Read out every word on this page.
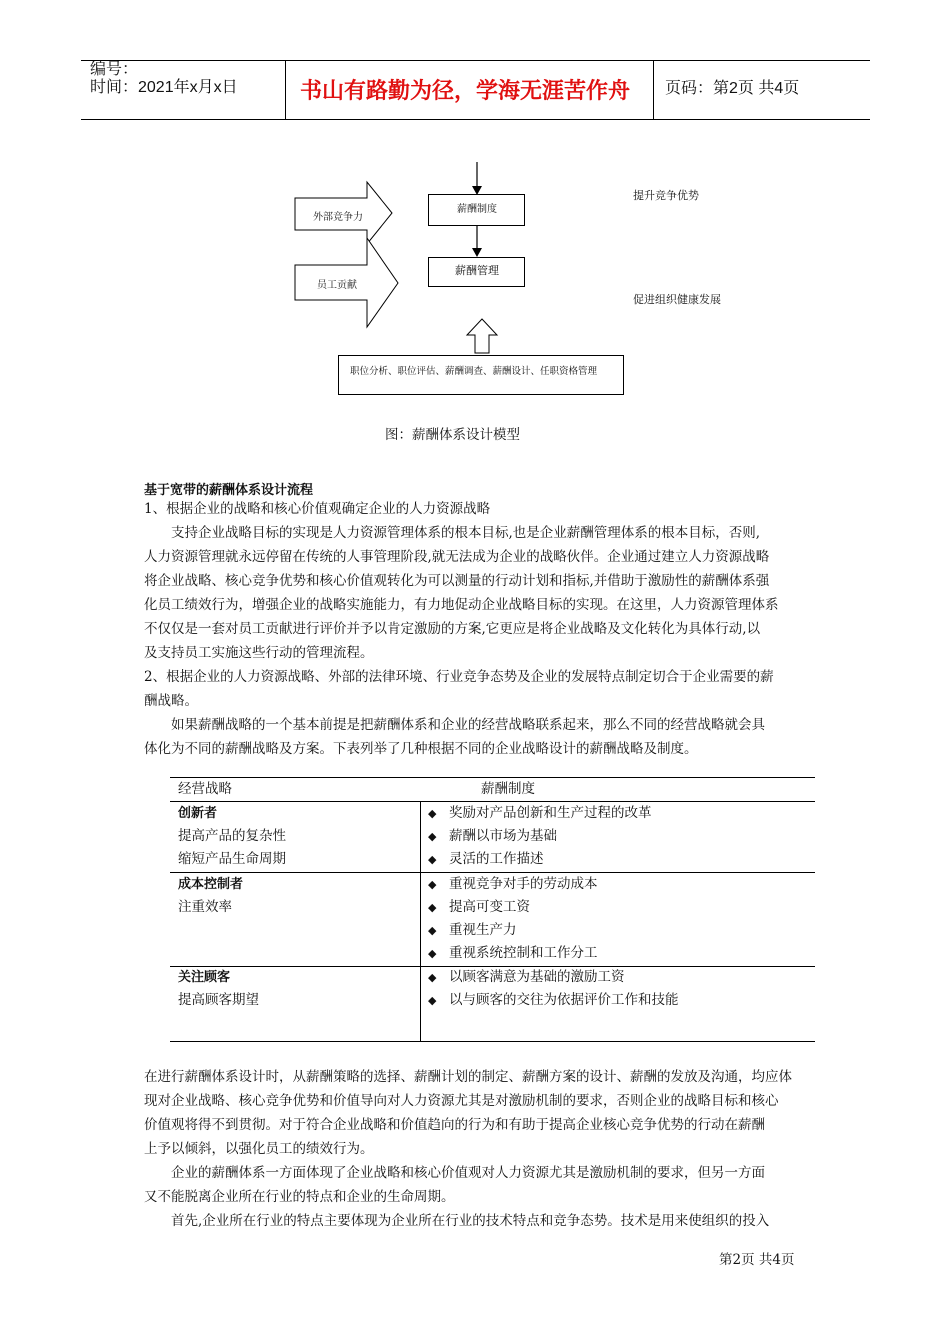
编号：
时间：2021年x月x日	书山有路勤为径，学海无涯苦作舟 页码：第2页 共4页
外部竞争力
员工贡献
薪酬制度
薪酬管理
职位分析、职位评估、薪酬调查、薪酬设计、任职资格管理
提升竞争优势
促进组织健康发展
图：薪酬体系设计模型
基于宽带的薪酬体系设计流程
1、根据企业的战略和核心价值观确定企业的人力资源战略
支持企业战略目标的实现是人力资源管理体系的根本目标,也是企业薪酬管理体系的根本目标，否则,
人力资源管理就永远停留在传统的人事管理阶段,就无法成为企业的战略伙伴。企业通过建立人力资源战略
将企业战略、核心竞争优势和核心价值观转化为可以测量的行动计划和指标,并借助于激励性的薪酬体系强
化员工绩效行为，增强企业的战略实施能力，有力地促动企业战略目标的实现。在这里，人力资源管理体系
不仅仅是一套对员工贡献进行评价并予以肯定激励的方案,它更应是将企业战略及文化转化为具体行动,以
及支持员工实施这些行动的管理流程。
2、根据企业的人力资源战略、外部的法律环境、行业竞争态势及企业的发展特点制定切合于企业需要的薪
酬战略。
如果薪酬战略的一个基本前提是把薪酬体系和企业的经营战略联系起来，那么不同的经营战略就会具
体化为不同的薪酬战略及方案。下表列举了几种根据不同的企业战略设计的薪酬战略及制度。
经营战略	薪酬制度
创新者
提高产品的复杂性
缩短产品生命周期
◆ 奖励对产品创新和生产过程的改革
◆ 薪酬以市场为基础
◆ 灵活的工作描述
成本控制者
注重效率
◆ 重视竞争对手的劳动成本
◆ 提高可变工资
◆ 重视生产力
◆ 重视系统控制和工作分工
关注顾客
提高顾客期望
◆ 以顾客满意为基础的激励工资
◆ 以与顾客的交往为依据评价工作和技能
在进行薪酬体系设计时，从薪酬策略的选择、薪酬计划的制定、薪酬方案的设计、薪酬的发放及沟通，均应体
现对企业战略、核心竞争优势和价值导向对人力资源尤其是对激励机制的要求，否则企业的战略目标和核心
价值观将得不到贯彻。对于符合企业战略和价值趋向的行为和有助于提高企业核心竞争优势的行动在薪酬
上予以倾斜，以强化员工的绩效行为。
企业的薪酬体系一方面体现了企业战略和核心价值观对人力资源尤其是激励机制的要求，但另一方面
又不能脱离企业所在行业的特点和企业的生命周期。
首先,企业所在行业的特点主要体现为企业所在行业的技术特点和竞争态势。技术是用来使组织的投入
第2页 共4页
